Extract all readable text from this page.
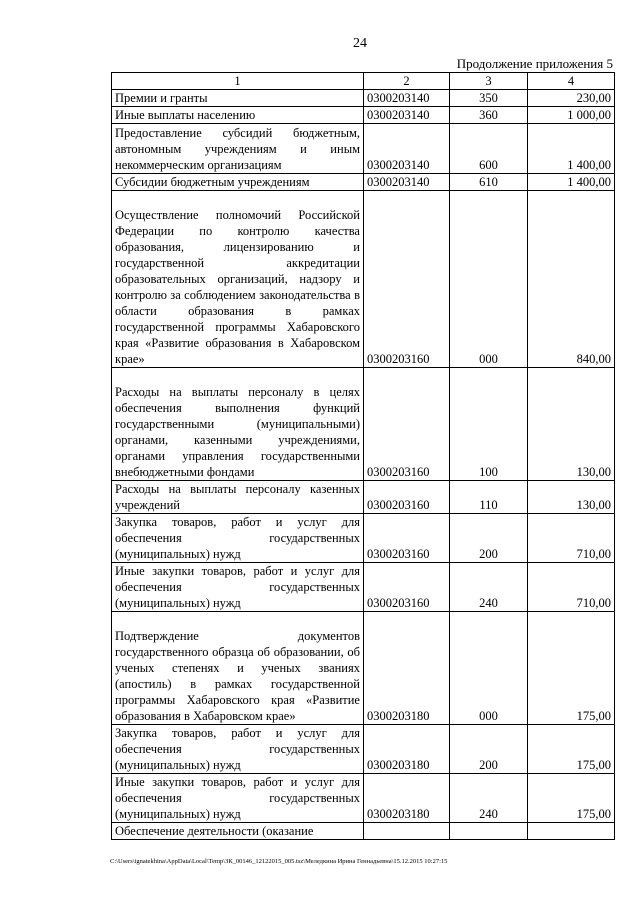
24
Продолжение приложения 5
1	2	3	4
Премии и гранты	0300203140	350	230,00
Иные выплаты населению	0300203140	360	1 000,00
Предоставление субсидий бюджетным, автономным учреждениям и иным некоммерческим организациям	0300203140	600	1 400,00
Субсидии бюджетным учреждениям	0300203140	610	1 400,00
Осуществление полномочий Российской Федерации по контролю качества образования, лицензированию и государственной аккредитации образовательных организаций, надзору и контролю за соблюдением законодательства в области образования в рамках государственной программы Хабаровского края «Развитие образования в Хабаровском крае»	0300203160	000	840,00
Расходы на выплаты персоналу в целях обеспечения выполнения функций государственными (муниципальными) органами, казенными учреждениями, органами управления государственными внебюджетными фондами	0300203160	100	130,00
Расходы на выплаты персоналу казенных учреждений	0300203160	110	130,00
Закупка товаров, работ и услуг для обеспечения государственных (муниципальных) нужд	0300203160	200	710,00
Иные закупки товаров, работ и услуг для обеспечения государственных (муниципальных) нужд	0300203160	240	710,00
Подтверждение документов государственного образца об образовании, об ученых степенях и ученых званиях (апостиль) в рамках государственной программы Хабаровского края «Развитие образования в Хабаровском крае»	0300203180	000	175,00
Закупка товаров, работ и услуг для обеспечения государственных (муниципальных) нужд	0300203180	200	175,00
Иные закупки товаров, работ и услуг для обеспечения государственных (муниципальных) нужд	0300203180	240	175,00
Обеспечение деятельности (оказание			
C:\Users\ignatekhina\AppData\Local\Temp\ЗК_00146_12122015_005.tsz\Меледкина Ирина Геннадьевна\15.12.2015 10:27:15
